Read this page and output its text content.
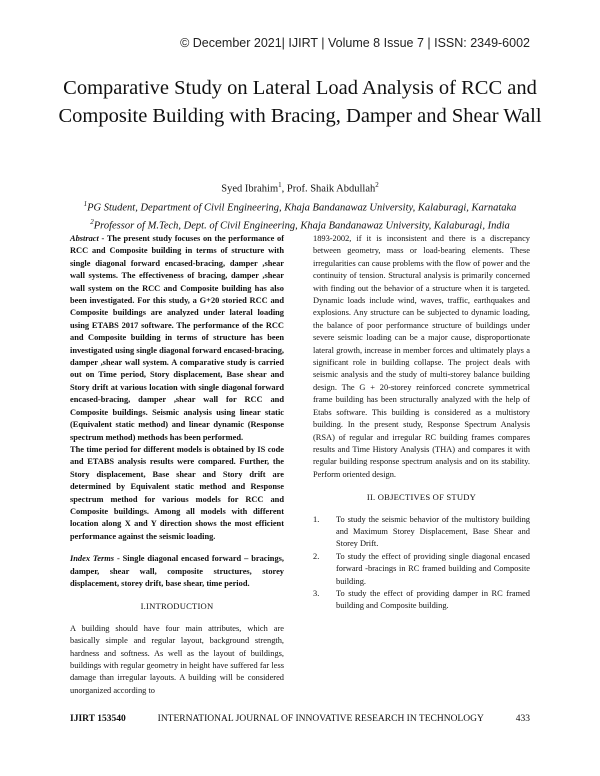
© December 2021| IJIRT | Volume 8 Issue 7 | ISSN: 2349-6002
Comparative Study on Lateral Load Analysis of RCC and Composite Building with Bracing, Damper and Shear Wall
Syed Ibrahim$^1$, Prof. Shaik Abdullah$^2$
$^1$PG Student, Department of Civil Engineering, Khaja Bandanawaz University, Kalaburagi, Karnataka
$^2$Professor of M.Tech, Dept. of Civil Engineering, Khaja Bandanawaz University, Kalaburagi, India

Abstract - The present study focuses on the performance of RCC and Composite building in terms of structure with single diagonal forward encased-bracing, damper ,shear wall systems. The effectiveness of bracing, damper ,shear wall system on the RCC and Composite building has also been investigated. For this study, a G+20 storied RCC and Composite buildings are analyzed under lateral loading using ETABS 2017 software. The performance of the RCC and Composite building in terms of structure has been investigated using single diagonal forward encased-bracing, damper ,shear wall system. A comparative study is carried out on Time period, Story displacement, Base shear and Story drift at various location with single diagonal forward encased-bracing, damper ,shear wall for RCC and Composite buildings. Seismic analysis using linear static (Equivalent static method) and linear dynamic (Response spectrum method) methods has been performed.

The time period for different models is obtained by IS code and ETABS analysis results were compared. Further, the Story displacement, Base shear and Story drift are determined by Equivalent static method and Response spectrum method for various models for RCC and Composite buildings. Among all models with different location along X and Y direction shows the most efficient performance against the seismic loading.

Index Terms - Single diagonal encased forward – bracings, damper, shear wall, composite structures, storey displacement, storey drift, base shear, time period.

I.INTRODUCTION

A building should have four main attributes, which are basically simple and regular layout, background strength, hardness and softness. As well as the layout of buildings, buildings with regular geometry in height have suffered far less damage than irregular layouts. A building will be considered unorganized according to

1893-2002, if it is inconsistent and there is a discrepancy between geometry, mass or load-bearing elements. These irregularities can cause problems with the flow of power and the continuity of tension. Structural analysis is primarily concerned with finding out the behavior of a structure when it is targeted. Dynamic loads include wind, waves, traffic, earthquakes and explosions. Any structure can be subjected to dynamic loading, the balance of poor performance structure of buildings under severe seismic loading can be a major cause, disproportionate lateral growth, increase in member forces and ultimately plays a significant role in building collapse. The project deals with seismic analysis and the study of multi-storey balance building design. The G + 20-storey reinforced concrete symmetrical frame building has been structurally analyzed with the help of Etabs software. This building is considered as a multistory building. In the present study, Response Spectrum Analysis (RSA) of regular and irregular RC building frames compares results and Time History Analysis (THA) and compares it with regular building response spectrum analysis and on its stability. Perform oriented design.

II. OBJECTIVES OF STUDY
1. To study the seismic behavior of the multistory building and Maximum Storey Displacement, Base Shear and Storey Drift.
2. To study the effect of providing single diagonal encased forward -bracings in RC framed building and Composite building.
3. To study the effect of providing damper in RC framed building and Composite building.
IJIRT 153540	INTERNATIONAL JOURNAL OF INNOVATIVE RESEARCH IN TECHNOLOGY	433
